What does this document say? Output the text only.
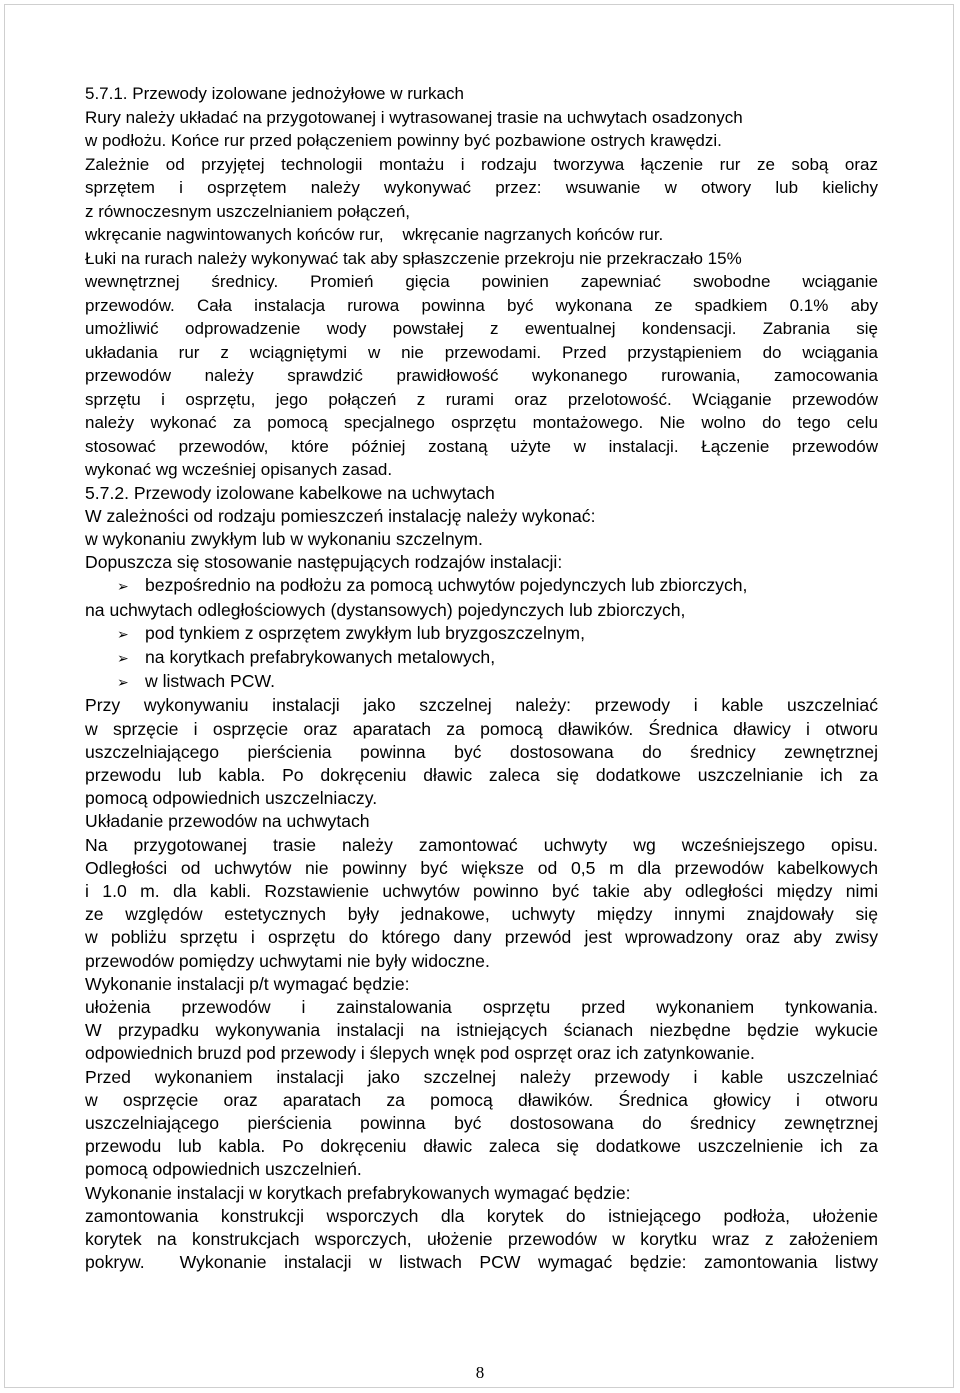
5.7.1. Przewody izolowane jednożyłowe w rurkach
Rury należy układać na przygotowanej i wytrasowanej trasie na uchwytach osadzonych
w podłożu. Końce rur przed połączeniem powinny być pozbawione ostrych krawędzi.
Zależnie od przyjętej technologii montażu i rodzaju tworzywa łączenie rur ze sobą oraz
sprzętem i osprzętem należy wykonywać przez: wsuwanie w otwory lub kielichy
z równoczesnym uszczelnianiem połączeń,
wkręcanie nagwintowanych końców rur,    wkręcanie nagrzanych końców rur.
Łuki na rurach należy wykonywać tak aby spłaszczenie przekroju nie przekraczało 15%
wewnętrznej średnicy. Promień gięcia powinien zapewniać swobodne wciąganie
przewodów. Cała instalacja rurowa powinna być wykonana ze spadkiem 0.1% aby
umożliwić odprowadzenie wody powstałej z ewentualnej kondensacji. Zabrania się
układania rur z wciągniętymi w nie przewodami. Przed przystąpieniem do wciągania
przewodów należy sprawdzić prawidłowość wykonanego rurowania, zamocowania
sprzętu i osprzętu, jego połączeń z rurami oraz przelotowość. Wciąganie przewodów
należy wykonać za pomocą specjalnego osprzętu montażowego. Nie wolno do tego celu
stosować przewodów, które później zostaną użyte w instalacji. Łączenie przewodów
wykonać wg wcześniej opisanych zasad.
5.7.2. Przewody izolowane kabelkowe na uchwytach
W zależności od rodzaju pomieszczeń instalację należy wykonać:
w wykonaniu zwykłym lub w wykonaniu szczelnym.
Dopuszcza się stosowanie następujących rodzajów instalacji:
➢ bezpośrednio na podłożu za pomocą uchwytów pojedynczych lub zbiorczych,
na uchwytach odległościowych (dystansowych) pojedynczych lub zbiorczych,
➢ pod tynkiem z osprzętem zwykłym lub bryzgoszczelnym,
➢ na korytkach prefabrykowanych metalowych,
➢ w listwach PCW.
Przy wykonywaniu instalacji jako szczelnej należy: przewody i kable uszczelniać
w sprzęcie i osprzęcie oraz aparatach za pomocą dławików. Średnica dławicy i otworu
uszczelniającego pierścienia powinna być dostosowana do średnicy zewnętrznej
przewodu lub kabla. Po dokręceniu dławic zaleca się dodatkowe uszczelnianie ich za
pomocą odpowiednich uszczelniaczy.
Układanie przewodów na uchwytach
Na przygotowanej trasie należy zamontować uchwyty wg wcześniejszego opisu.
Odległości od uchwytów nie powinny być większe od 0,5 m dla przewodów kabelkowych
i 1.0 m. dla kabli. Rozstawienie uchwytów powinno być takie aby odległości między nimi
ze względów estetycznych były jednakowe, uchwyty między innymi znajdowały się
w pobliżu sprzętu i osprzętu do którego dany przewód jest wprowadzony oraz aby zwisy
przewodów pomiędzy uchwytami nie były widoczne.
Wykonanie instalacji p/t wymagać będzie:
ułożenia przewodów i zainstalowania osprzętu przed wykonaniem tynkowania.
W przypadku wykonywania instalacji na istniejących ścianach niezbędne będzie wykucie
odpowiednich bruzd pod przewody i ślepych wnęk pod osprzęt oraz ich zatynkowanie.
Przed wykonaniem instalacji jako szczelnej należy przewody i kable uszczelniać
w osprzęcie oraz aparatach za pomocą dławików. Średnica głowicy i otworu
uszczelniającego pierścienia powinna być dostosowana do średnicy zewnętrznej
przewodu lub kabla. Po dokręceniu dławic zaleca się dodatkowe uszczelnienie ich za
pomocą odpowiednich uszczelnień.
Wykonanie instalacji w korytkach prefabrykowanych wymagać będzie:
zamontowania konstrukcji wsporczych dla korytek do istniejącego podłoża, ułożenie
korytek na konstrukcjach wsporczych, ułożenie przewodów w korytku wraz z założeniem
pokryw.  Wykonanie instalacji w listwach PCW wymagać będzie: zamontowania listwy
8
